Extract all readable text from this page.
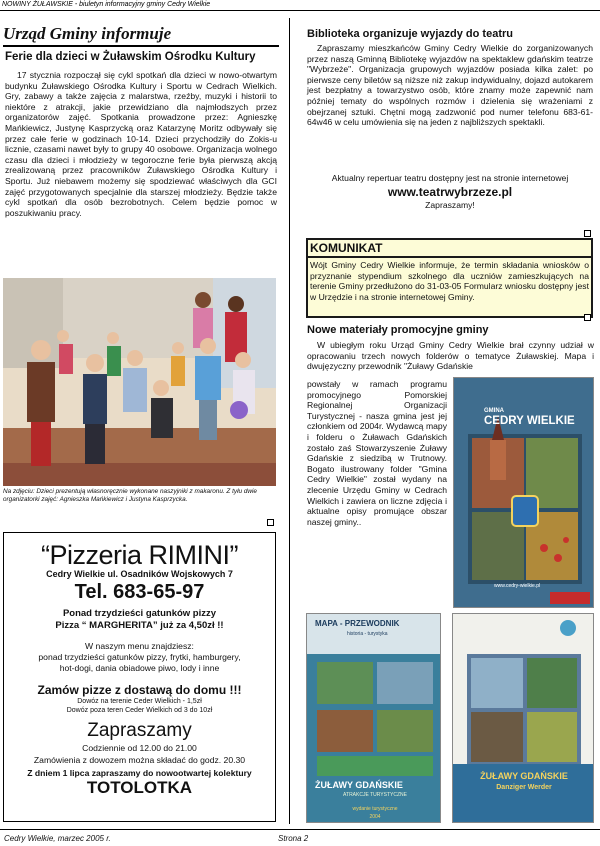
NOWINY ŻUŁAWSKIE - biuletyn informacyjny gminy Cedry Wielkie
Urząd Gminy informuje
Ferie dla dzieci w Żuławskim Ośrodku Kultury
17 stycznia rozpoczął się cykl spotkań dla dzieci w nowo-otwartym budynku Żuławskiego Ośrodka Kultury i Sportu w Cedrach Wielkich. Gry, zabawy a także zajęcia z malarstwa, rzeźby, muzyki i historii to niektóre z atrakcji, jakie przewidziano dla najmłodszych przez organizatorów zajęć. Spotkania prowadzone przez: Agnieszkę Mańkiewicz, Justynę Kasprzycką oraz Katarzynę Moritz odbywały się przez całe ferie w godzinach 10-14. Dzieci przychodziły do Zokis-u licznie, czasami nawet były to grupy 40 osobowe. Organizacja wolnego czasu dla dzieci i młodzieży w tegoroczne ferie była pierwszą akcją zrealizowaną przez pracowników Żuławskiego Ośrodka Kultury i Sportu. Już niebawem możemy się spodziewać właściwych dla GCI zajęć przygotowanych specjalnie dla starszej młodzieży. Będzie także cykl spotkań dla osób bezrobotnych. Celem będzie pomoc w poszukiwaniu pracy.
Na zdjęciu: Dzieci prezentują własnoręcznie wykonane naszyjniki z makaronu. Z tyłu dwie organizatorki zajęć: Agnieszka Mańkiewicz i Justyna Kasprzycka.
“Pizzeria RIMINI”
Cedry Wielkie ul. Osadników Wojskowych 7
Tel. 683-65-97
Ponad trzydzieści gatunków pizzy
Pizza “ MARGHERITA” już za 4,50zł !!
W naszym menu znajdziesz:
ponad trzydzieści gatunków pizzy, frytki, hamburgery,
hot-dogi, dania obiadowe piwo, lody i inne
Zamów pizze z dostawą do domu !!!
Dowóz na terenie Ceder Wielkich - 1,5zł
Dowóz poza teren Ceder Wielkich od 3 do 10zł
Zapraszamy
Codziennie od 12.00 do 21.00
Zamówienia z dowozem można składać do godz. 20.30
Z dniem 1 lipca zapraszamy do nowootwartej kolektury
TOTOLOTKA
Biblioteka organizuje wyjazdy do teatru
Zapraszamy mieszkańców Gminy Cedry Wielkie do zorganizowanych przez naszą Gminną Bibliotekę wyjazdów na spektaklew gdańskim teatrze "Wybrzeże". Organizacja grupowych wyjazdów posiada kilka zalet: po pierwsze ceny biletów są niższe niż zakup indywidualny, dojazd autokarem jest bezpłatny a towarzystwo osób, które znamy może zapewnić nam później tematy do wspólnych rozmów i dzielenia się wrażeniami z obejrzanej sztuki. Chętni mogą zadzwonić pod numer telefonu 683-61-64w46 w celu umówienia się na jeden z najbliższych spektakli.
Aktualny repertuar teatru dostępny jest na stronie internetowej
www.teatrwybrzeze.pl
Zapraszamy!
KOMUNIKAT
Wójt Gminy Cedry Wielkie informuje, że termin składania wniosków o przyznanie stypendium szkolnego dla uczniów zamieszkujących na terenie Gminy przedłużono do 31-03-05 Formularz wniosku dostępny jest w Urzędzie i na stronie internetowej Gminy.
Nowe materiały promocyjne gminy
W ubiegłym roku Urząd Gminy Cedry Wielkie brał czynny udział w opracowaniu trzech nowych folderów o tematyce Żuławskiej. Mapa i dwujęzyczny przewodnik "Żuławy Gdańskie
powstały w ramach programu promocyjnego Pomorskiej Regionalnej Organizacji Turystycznej - nasza gmina jest jej członkiem od 2004r. Wydawcą mapy i folderu o Żuławach Gdańskich zostało zaś Stowarzyszenie Żuławy Gdańskie z siedzibą w Trutnowy. Bogato ilustrowany folder "Gmina Cedry Wielkie" został wydany na zlecenie Urzędu Gminy w Cedrach Wielkich i zawiera on liczne zdjęcia i aktualne opisy promujące obszar naszej gminy..
GMINA
CEDRY WIELKIE
www.cedry-wielkie.pl
MAPA - PRZEWODNIK
historia - turystyka
ŻUŁAWY GDAŃSKIE
ATRAKCJE TURYSTYCZNE
wydanie turystyczne
2004
ŻUŁAWY GDAŃSKIE
Danziger Werder
Cedry Wielkie, marzec 2005 r.	Strona 2
